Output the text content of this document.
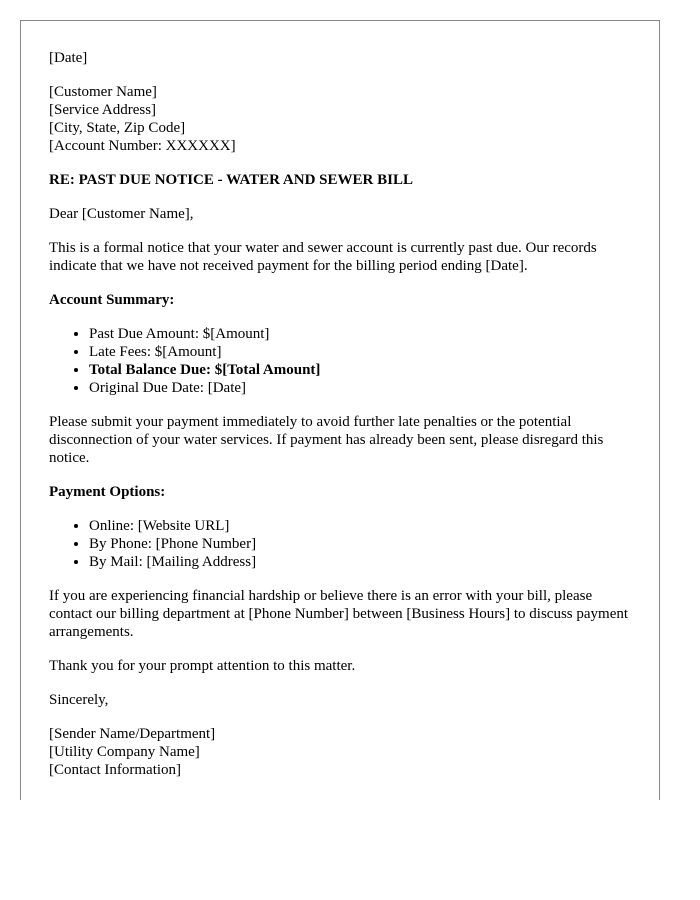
[Date]

[Customer Name]
[Service Address]
[City, State, Zip Code]
[Account Number: XXXXXX]

RE: PAST DUE NOTICE - WATER AND SEWER BILL

Dear [Customer Name],

This is a formal notice that your water and sewer account is currently past due. Our records indicate that we have not received payment for the billing period ending [Date].

Account Summary:

• Past Due Amount: $[Amount]
• Late Fees: $[Amount]
• Total Balance Due: $[Total Amount]
• Original Due Date: [Date]

Please submit your payment immediately to avoid further late penalties or the potential disconnection of your water services. If payment has already been sent, please disregard this notice.

Payment Options:

• Online: [Website URL]
• By Phone: [Phone Number]
• By Mail: [Mailing Address]

If you are experiencing financial hardship or believe there is an error with your bill, please contact our billing department at [Phone Number] between [Business Hours] to discuss payment arrangements.

Thank you for your prompt attention to this matter.

Sincerely,

[Sender Name/Department]
[Utility Company Name]
[Contact Information]
